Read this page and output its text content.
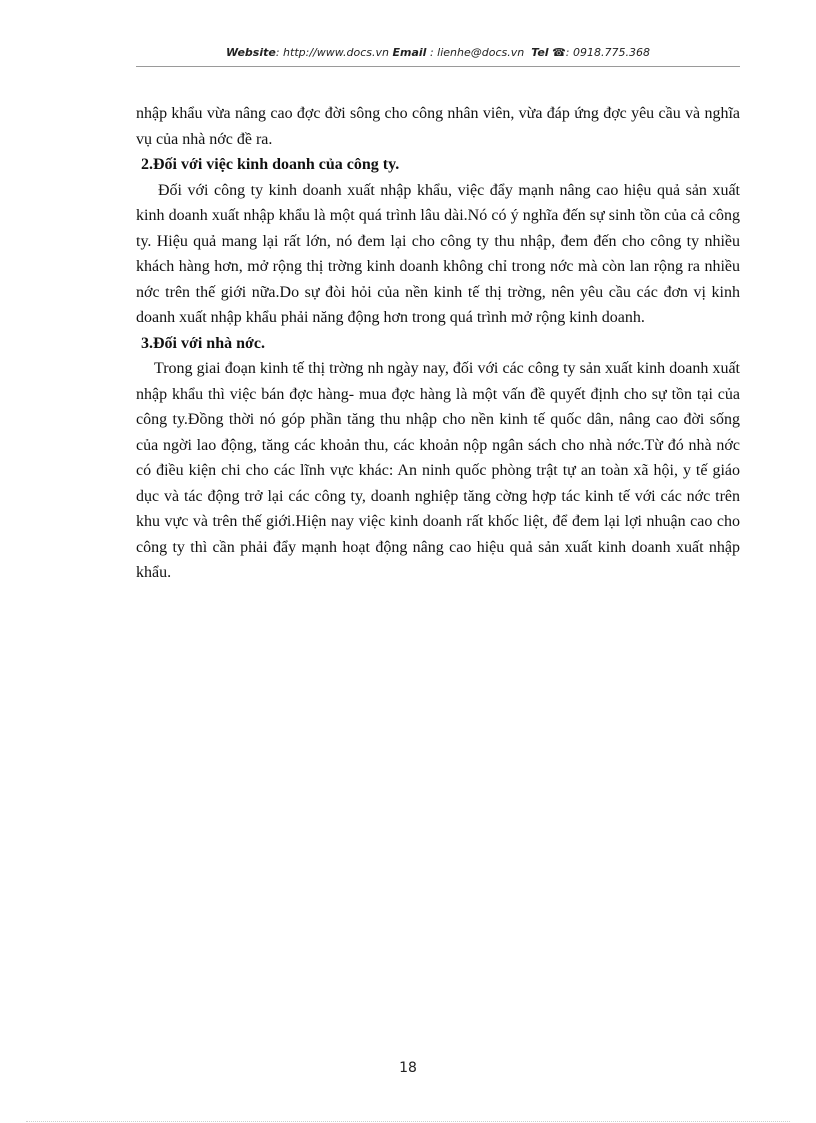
Website: http://www.docs.vn Email : lienhe@docs.vn Tel ☎: 0918.775.368

nhập khẩu vừa nâng cao đợc đời sông cho công nhân viên, vừa đáp ứng đợc yêu cầu và nghĩa vụ của nhà nớc đề ra.

2.Đối với việc kinh doanh của công ty.

Đối với công ty kinh doanh xuất nhập khẩu, việc đẩy mạnh nâng cao hiệu quả sản xuất kinh doanh xuất nhập khẩu là một quá trình lâu dài.Nó có ý nghĩa đến sự sinh tồn của cả công ty. Hiệu quả mang lại rất lớn, nó đem lại cho công ty thu nhập, đem đến cho công ty nhiều khách hàng hơn, mở rộng thị trờng kinh doanh không chỉ trong nớc mà còn lan rộng ra nhiều nớc trên thế giới nữa.Do sự đòi hỏi của nền kinh tế thị trờng, nên yêu cầu các đơn vị kinh doanh xuất nhập khẩu phải năng động hơn trong quá trình mở rộng kinh doanh.

3.Đối với nhà nớc.

Trong giai đoạn kinh tế thị trờng nh ngày nay, đối với các công ty sản xuất kinh doanh xuất nhập khẩu thì việc bán đợc hàng- mua đợc hàng là một vấn đề quyết định cho sự tồn tại của công ty.Đồng thời nó góp phần tăng thu nhập cho nền kinh tế quốc dân, nâng cao đời sống của ngời lao động, tăng các khoản thu, các khoản nộp ngân sách cho nhà nớc.Từ đó nhà nớc có điều kiện chi cho các lĩnh vực khác: An ninh quốc phòng trật tự an toàn xã hội, y tế giáo dục và tác động trở lại các công ty, doanh nghiệp tăng cờng hợp tác kinh tế với các nớc trên khu vực và trên thế giới.Hiện nay việc kinh doanh rất khốc liệt, để đem lại lợi nhuận cao cho công ty thì cần phải đẩy mạnh hoạt động nâng cao hiệu quả sản xuất kinh doanh xuất nhập khẩu.

18
